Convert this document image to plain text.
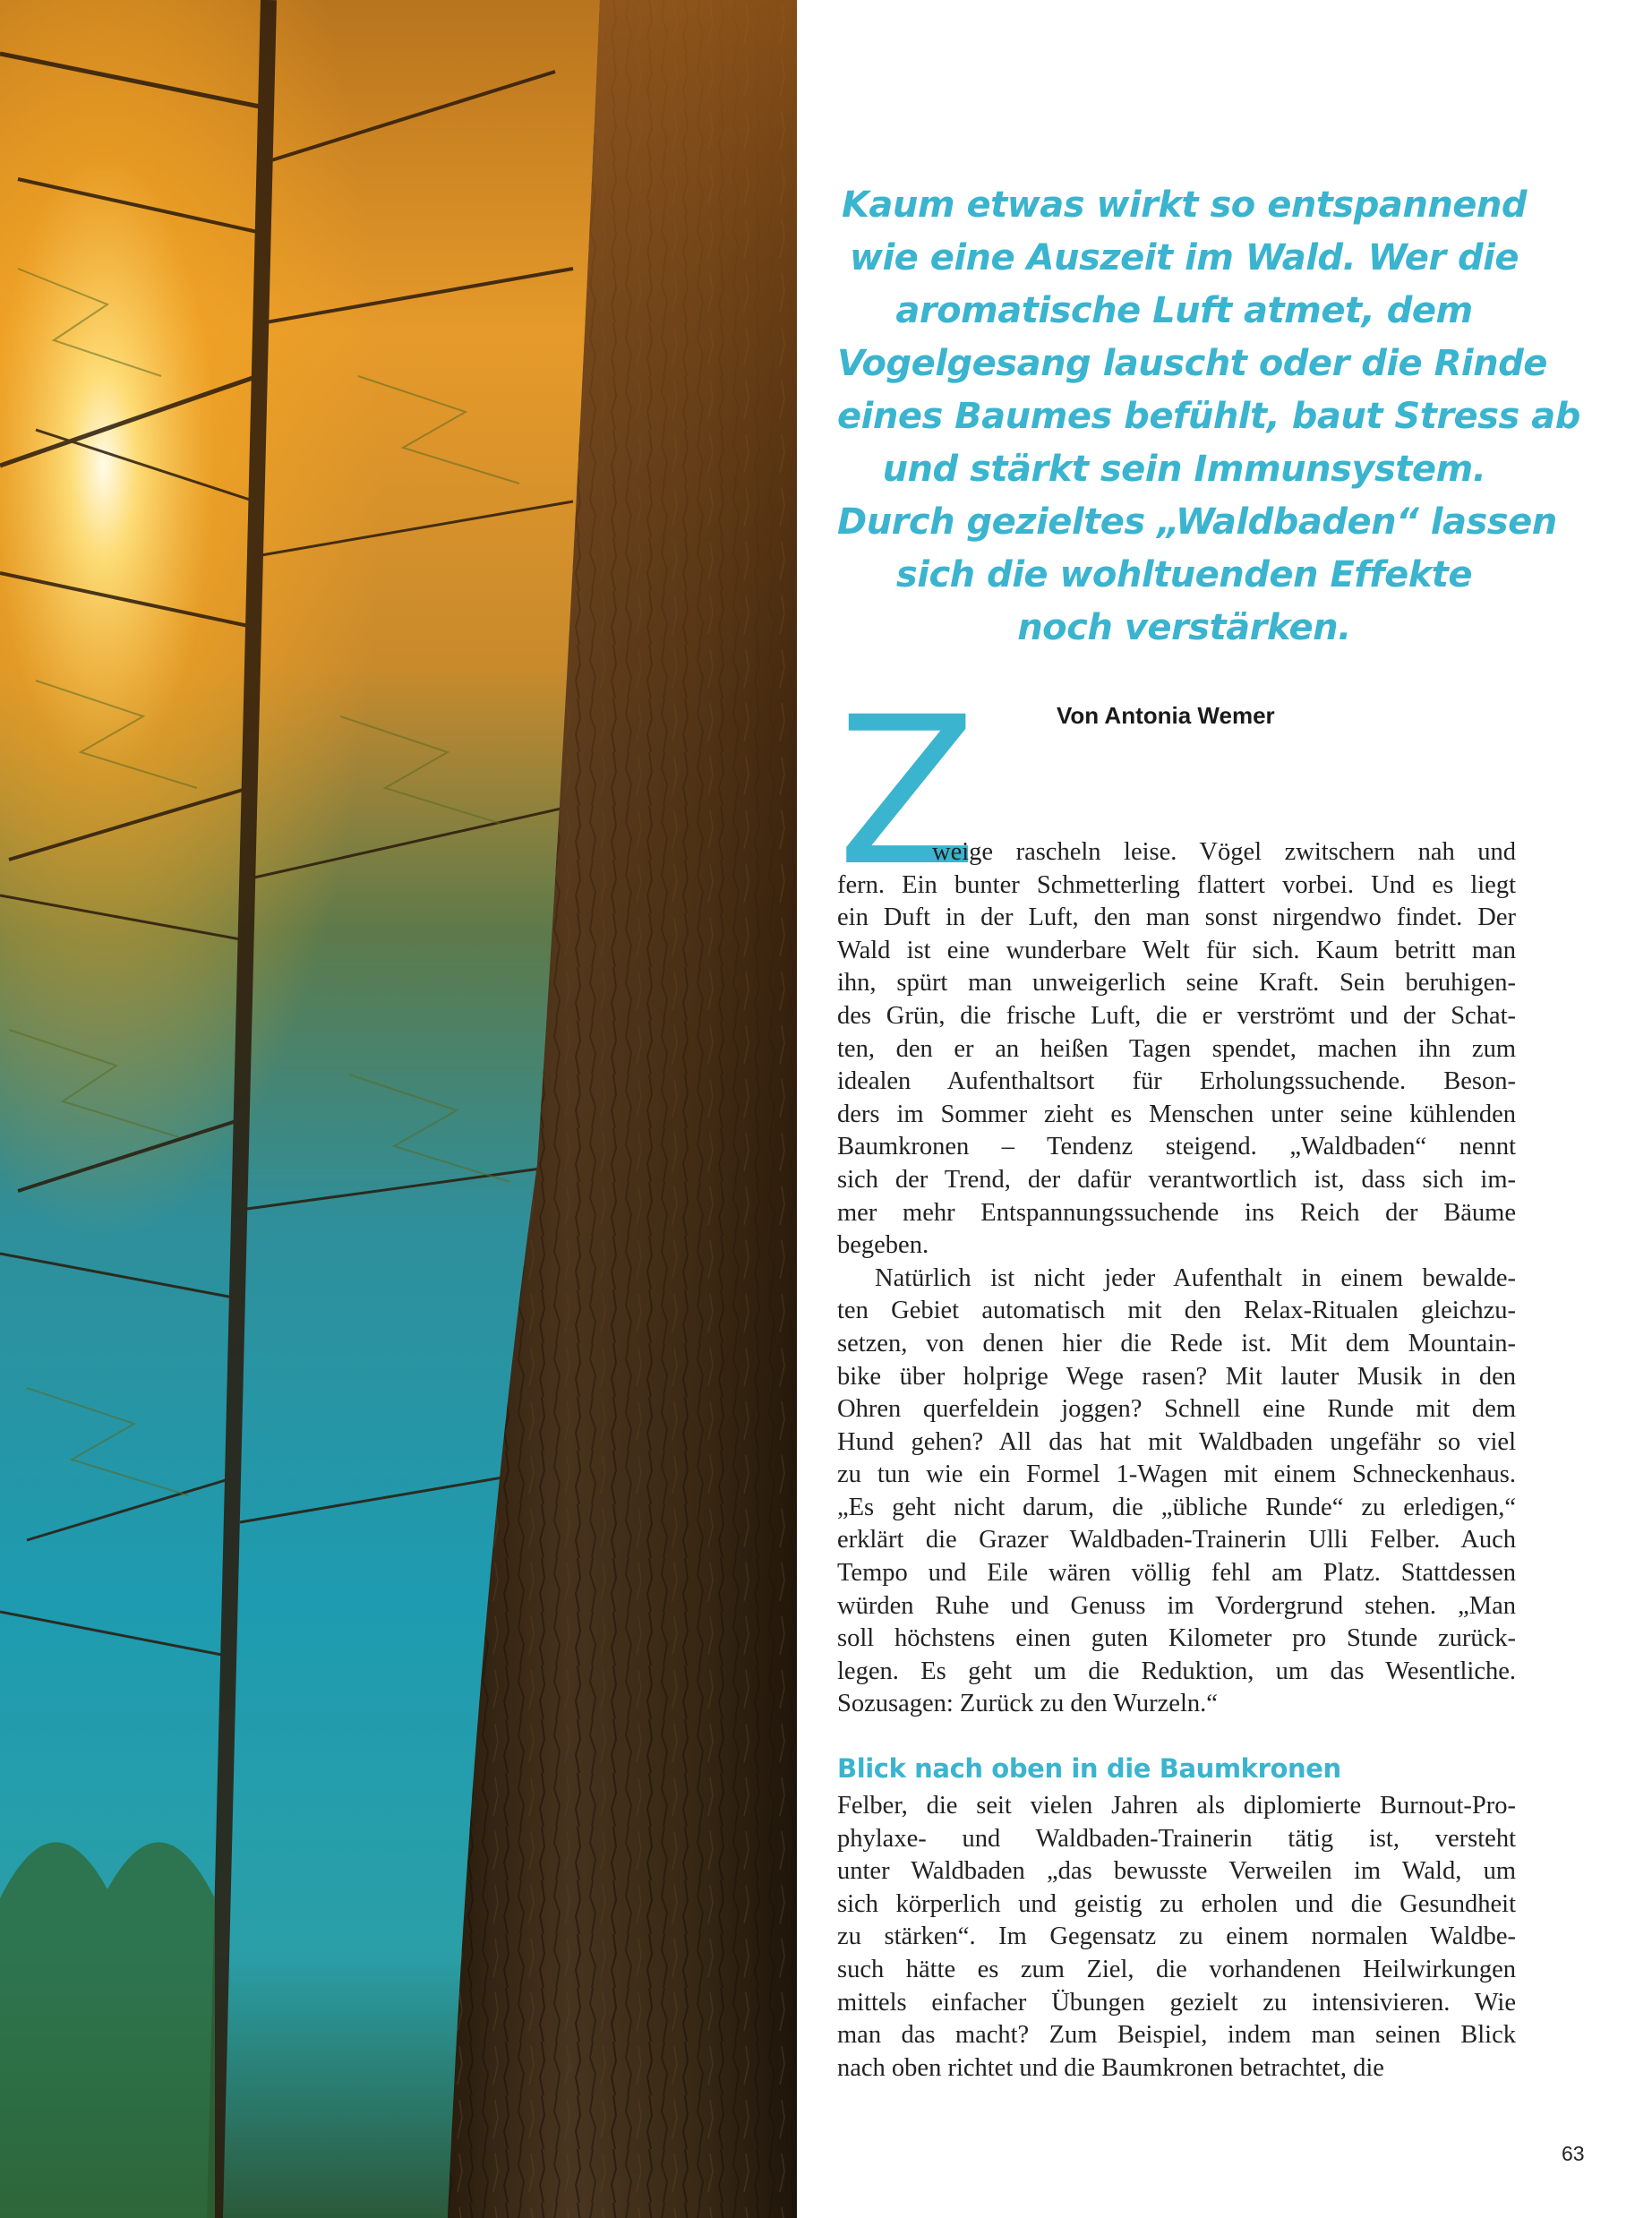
Kaum etwas wirkt so entspannend
wie eine Auszeit im Wald. Wer die
aromatische Luft atmet, dem
Vogelgesang lauscht oder die Rinde
eines Baumes befühlt, baut Stress ab
und stärkt sein Immunsystem.
Durch gezieltes „Waldbaden“ lassen
sich die wohltuenden Effekte
noch verstärken.

Z	Von Antonia Wemer
weige rascheln leise. Vögel zwitschern nah und
fern. Ein bunter Schmetterling flattert vorbei. Und es liegt
ein Duft in der Luft, den man sonst nirgendwo findet. Der
Wald ist eine wunderbare Welt für sich. Kaum betritt man
ihn, spürt man unweigerlich seine Kraft. Sein beruhigen-
des Grün, die frische Luft, die er verströmt und der Schat-
ten, den er an heißen Tagen spendet, machen ihn zum
idealen Aufenthaltsort für Erholungssuchende. Beson-
ders im Sommer zieht es Menschen unter seine kühlenden
Baumkronen – Tendenz steigend. „Waldbaden“ nennt
sich der Trend, der dafür verantwortlich ist, dass sich im-
mer mehr Entspannungssuchende ins Reich der Bäume
begeben.
Natürlich ist nicht jeder Aufenthalt in einem bewalde-
ten Gebiet automatisch mit den Relax-Ritualen gleichzu-
setzen, von denen hier die Rede ist. Mit dem Mountain-
bike über holprige Wege rasen? Mit lauter Musik in den
Ohren querfeldein joggen? Schnell eine Runde mit dem
Hund gehen? All das hat mit Waldbaden ungefähr so viel
zu tun wie ein Formel 1-Wagen mit einem Schneckenhaus.
„Es geht nicht darum, die „übliche Runde“ zu erledigen,“
erklärt die Grazer Waldbaden-Trainerin Ulli Felber. Auch
Tempo und Eile wären völlig fehl am Platz. Stattdessen
würden Ruhe und Genuss im Vordergrund stehen. „Man
soll höchstens einen guten Kilometer pro Stunde zurück-
legen. Es geht um die Reduktion, um das Wesentliche.
Sozusagen: Zurück zu den Wurzeln.“
Blick nach oben in die Baumkronen
Felber, die seit vielen Jahren als diplomierte Burnout-Pro-
phylaxe- und Waldbaden-Trainerin tätig ist, versteht
unter Waldbaden „das bewusste Verweilen im Wald, um
sich körperlich und geistig zu erholen und die Gesundheit
zu stärken“. Im Gegensatz zu einem normalen Waldbe-
such hätte es zum Ziel, die vorhandenen Heilwirkungen
mittels einfacher Übungen gezielt zu intensivieren. Wie
man das macht? Zum Beispiel, indem man seinen Blick
nach oben richtet und die Baumkronen betrachtet, die
63
